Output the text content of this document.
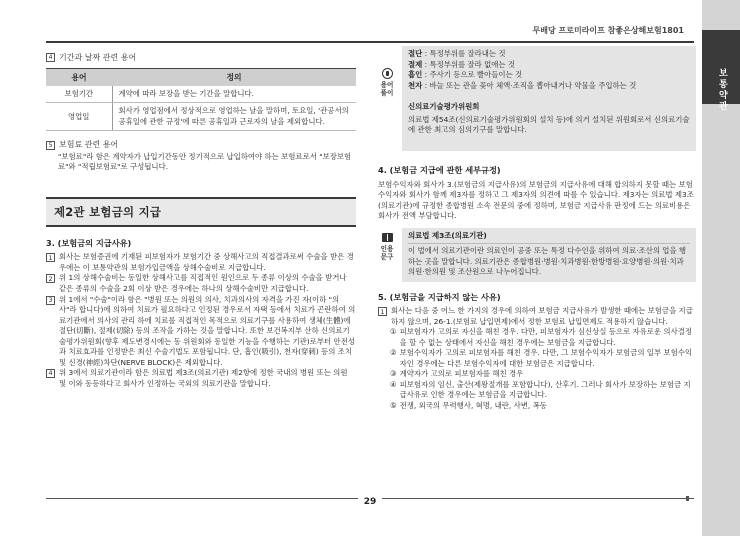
무배당 프로미라이프 참좋은상해보험1801
보통약관
4 기간과 날짜 관련 용어
용어	정의
보험기간	계약에 따라 보장을 받는 기간을 말합니다.
영업일	회사가 영업점에서 정상적으로 영업하는 날을 말하며, 토요일, '관공서의 공휴일에 관한 규정'에 따른 공휴일과 근로자의 날을 제외합니다.
5 보험료 관련 용어
"보험료"라 함은 계약자가 납입기간동안 정기적으로 납입하여야 하는 보험료로서 "보장보험료"와 "적립보험료"로 구성됩니다.
제2관 보험금의 지급
3. (보험금의 지급사유)
1 회사는 보험증권에 기재된 피보험자가 보험기간 중 상해사고의 직접결과로써 수술을 받은 경우에는 이 보통약관의 보험가입금액을 상해수술비로 지급합니다.
2 위 1의 상해수술비는 동일한 상해사고를 직접적인 원인으로 두 종류 이상의 수술을 받거나 같은 종류의 수술을 2회 이상 받은 경우에는 하나의 상해수술비만 지급합니다.
3 위 1에서 "수술"이라 함은 "병원 또는 의원의 의사, 치과의사의 자격을 가진 자(이하 "의사"라 합니다)에 의하여 치료가 필요하다고 인정된 경우로서 자택 등에서 치료가 곤란하여 의료기관에서 의사의 관리 하에 치료를 직접적인 목적으로 의료기구를 사용하여 생체(生體)에 절단(切斷), 절제(切除) 등의 조작을 가하는 것을 말합니다. 또한 보건복지부 산하 신의료기술평가위원회(향후 제도변경시에는 동 위원회와 동일한 기능을 수행하는 기관)로부터 안전성과 치료효과를 인정받은 최신 수술기법도 포함됩니다. 단, 흡인(吸引), 천자(穿刺) 등의 조치 및 신경(神經)차단(NERVE BLOCK)은 제외합니다.
4 위 3에서 의료기관이라 함은 의료법 제3조(의료기관) 제2항에 정한 국내의 병원 또는 의원 및 이와 동등하다고 회사가 인정하는 국외의 의료기관을 말합니다.
용어풀이
절단 : 특정부위를 잘라내는 것
절제 : 특정부위를 잘라 없애는 것
흡인 : 주사기 등으로 빨아들이는 것
천자 : 바늘 또는 관을 꽂아 체액·조직을 뽑아내거나 약물을 주입하는 것
신의료기술평가위원회
의료법 제54조(신의료기술평가위원회의 설치 등)에 의거 설치된 위원회로서 신의료기술에 관한 최고의 심의기구를 말합니다.
4. (보험금 지급에 관한 세부규정)
보험수익자와 회사가 3.(보험금의 지급사유)의 보험금의 지급사유에 대해 합의하지 못할 때는 보험수익자와 회사가 함께 제3자를 정하고 그 제3자의 의견에 따를 수 있습니다. 제3자는 의료법 제3조(의료기관)에 규정한 종합병원 소속 전문의 중에 정하며, 보험금 지급사유 판정에 드는 의료비용은 회사가 전액 부담합니다.
인용문구
의료법 제3조(의료기관)
이 법에서 의료기관이란 의료인이 공중 또는 특정 다수인을 위하여 의료·조산의 업을 행하는 곳을 말합니다. 의료기관은 종합병원·병원·치과병원·한방병원·요양병원·의원·치과의원·한의원 및 조산원으로 나누어집니다.
5. (보험금을 지급하지 않는 사유)
1 회사는 다음 중 어느 한 가지의 경우에 의하여 보험금 지급사유가 발생한 때에는 보험금을 지급하지 않으며, 26-1.(보험료 납입면제)에서 정한 보험료 납입면제도 적용하지 않습니다.
① 피보험자가 고의로 자신을 해친 경우. 다만, 피보험자가 심신상실 등으로 자유로운 의사결정을 할 수 없는 상태에서 자신을 해친 경우에는 보험금을 지급합니다.
② 보험수익자가 고의로 피보험자를 해친 경우. 다만, 그 보험수익자가 보험금의 일부 보험수익자인 경우에는 다른 보험수익자에 대한 보험금은 지급합니다.
③ 계약자가 고의로 피보험자를 해친 경우
④ 피보험자의 임신, 출산(제왕절개를 포함합니다), 산후기. 그러나 회사가 보장하는 보험금 지급사유로 인한 경우에는 보험금을 지급합니다.
⑤ 전쟁, 외국의 무력행사, 혁명, 내란, 사변, 폭동
29
